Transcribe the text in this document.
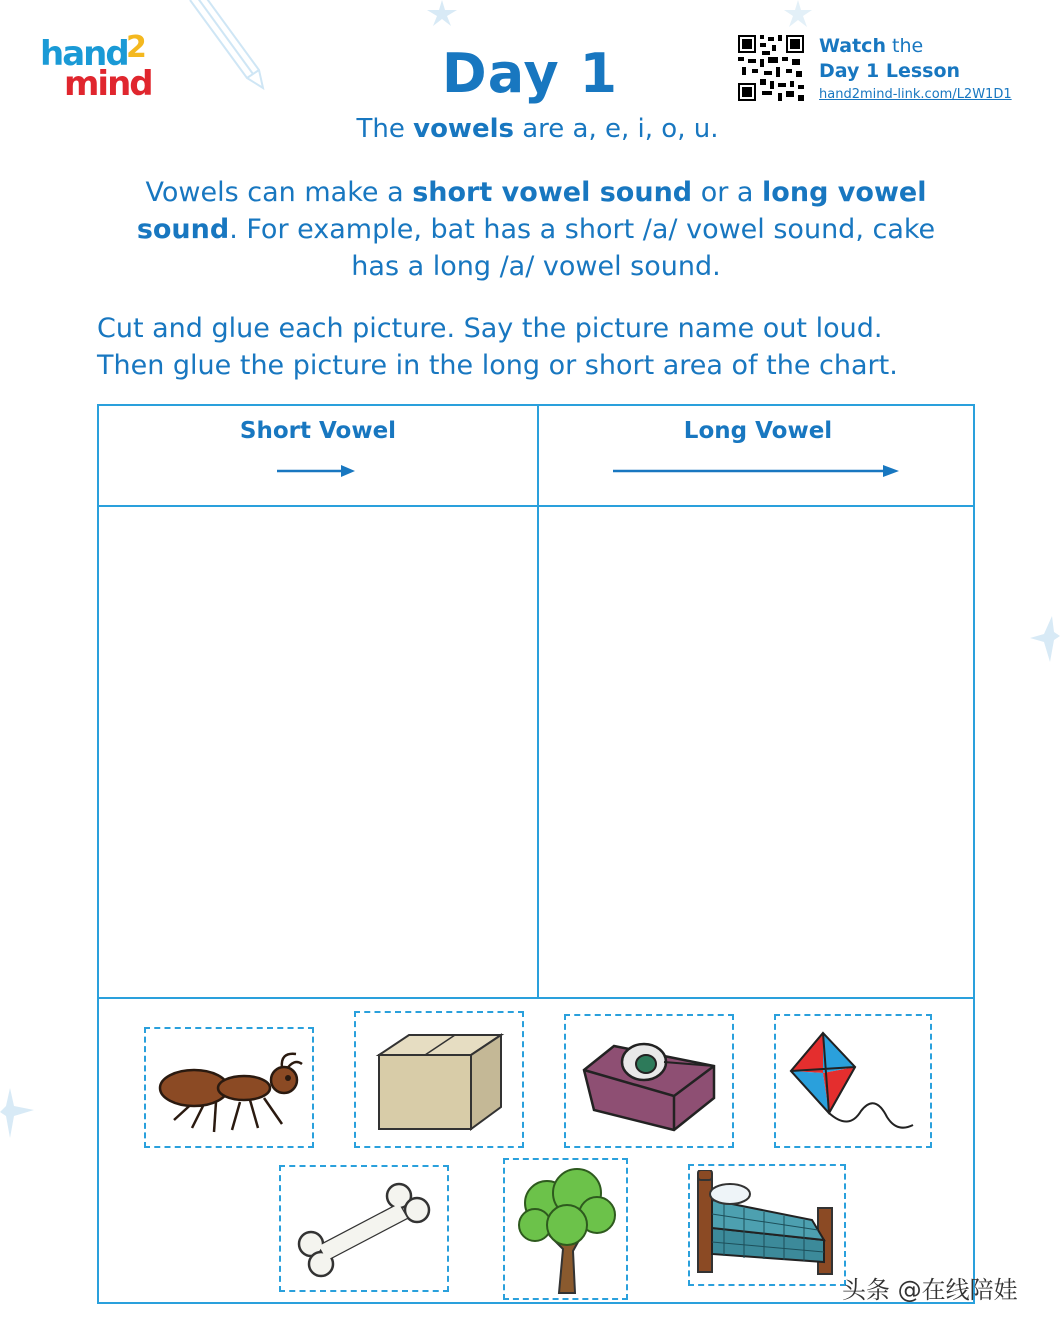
hand
2
mind	Day 1	Watch the
Day 1 Lesson
hand2mind-link.com/L2W1D1
The vowels are a, e, i, o, u.
Vowels can make a short vowel sound or a long vowel sound. For example, bat has a short /a/ vowel sound, cake has a long /a/ vowel sound.
Cut and glue each picture. Say the picture name out loud.
Then glue the picture in the long or short area of the chart.
Short Vowel	Long Vowel
头条 @在线陪娃
